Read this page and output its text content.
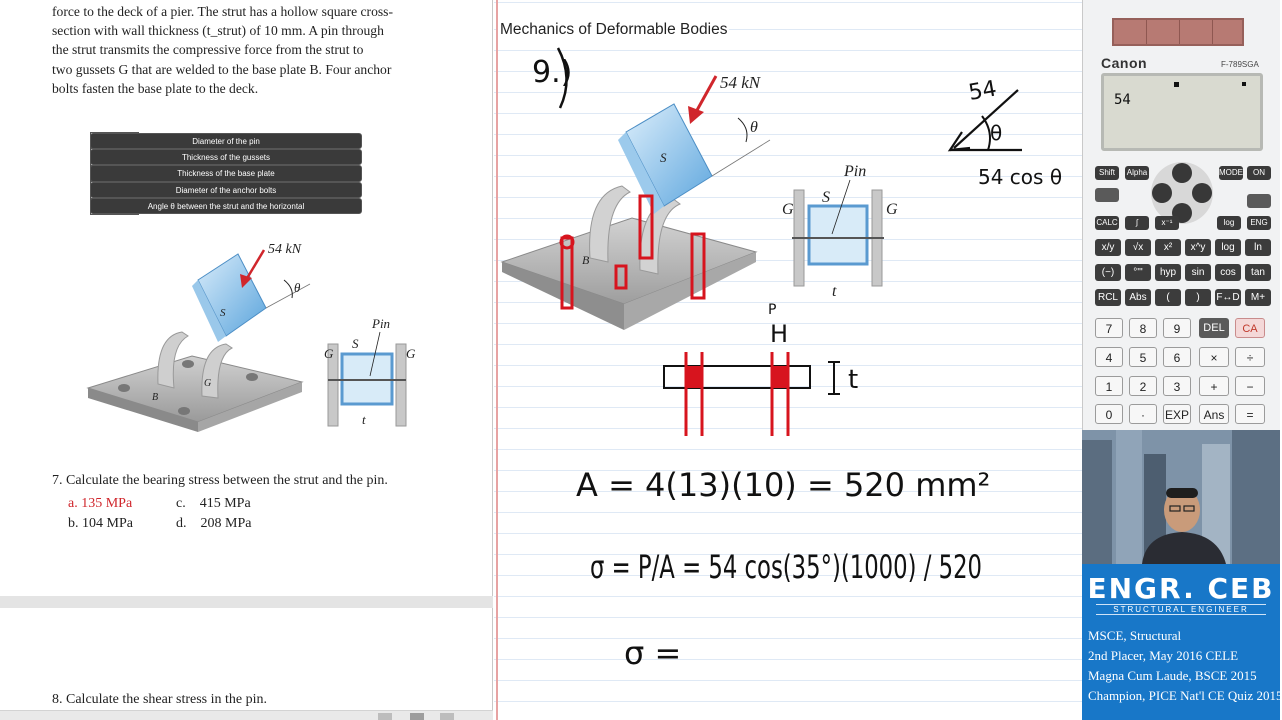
force to the deck of a pier. The strut has a hollow square cross-
section with wall thickness (t_strut) of 10 mm. A pin through
the strut transmits the compressive force from the strut to
two gussets G that are welded to the base plate B. Four anchor
bolts fasten the base plate to the deck.
Diameter of the pin

Thickness of the gussets

Thickness of the base plate

Diameter of the anchor bolts

Angle θ between the strut and the horizontal
S
B
G
54 kN
θ
G	G
S
Pin
t
7. Calculate the bearing stress between the strut and the pin.
a. 135 MPa	c. 415 MPa
b. 104 MPa	d. 208 MPa
8. Calculate the shear stress in the pin.
Mechanics of Deformable Bodies
9.)
S
B
54 kN
θ
G	G
S
Pin
t
54
θ
54 cos θ
P
H
t
A = 4(13)(10) = 520 mm²
σ = P/A = 54 cos(35°)(1000) / 520
σ =
Canon	F-789SGA
54
Shift	Alpha	MODE	ON
CALC	∫	x⁻¹	log	ENG
x/y	√x	x²	x^y	log	ln
(−)	°'"	hyp	sin	cos	tan
RCL	Abs	(	)	F↔D	M+
7	8	9	DEL	CA
4	5	6	×	÷
1	2	3	+	−
0	·	EXP	Ans	=
ENGR. CEB
STRUCTURAL ENGINEER
MSCE, Structural
2nd Placer, May 2016 CELE
Magna Cum Laude, BSCE 2015
Champion, PICE Nat'l CE Quiz 2015
